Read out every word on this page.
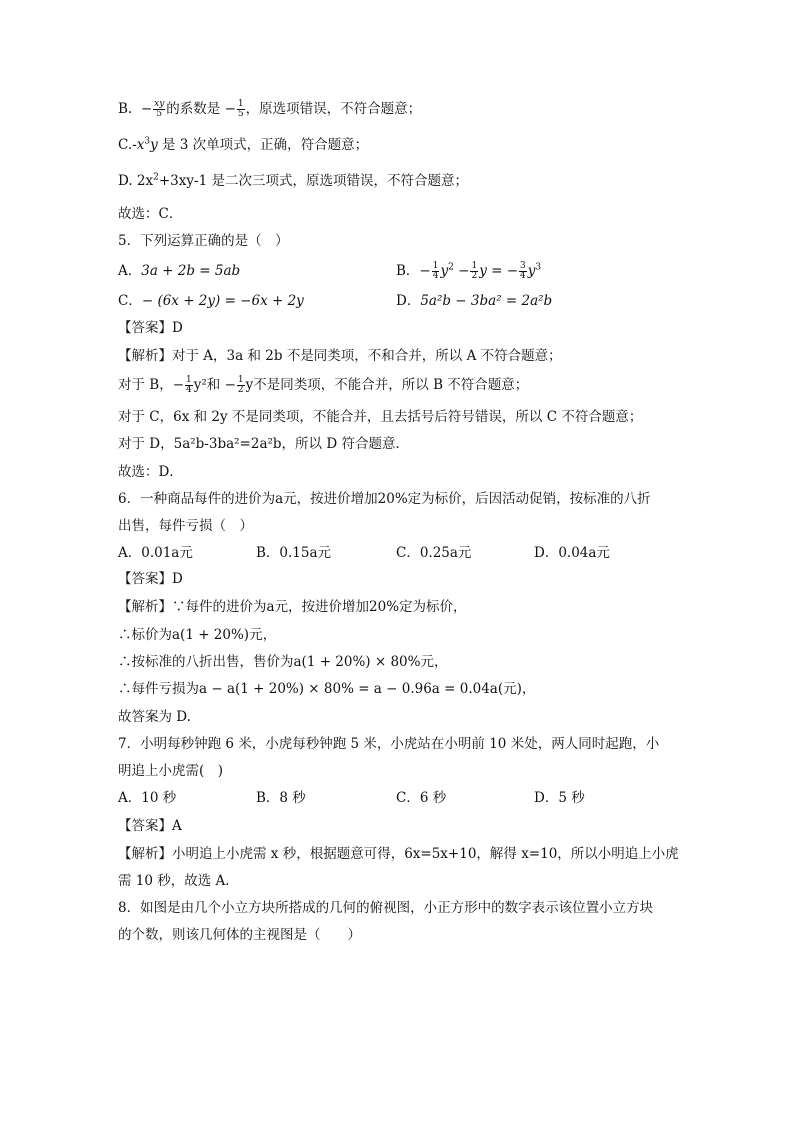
B. − $\frac{xy}{5}$ 的系数是 − $\frac{1}{5}$ ，原选项错误，不符合题意；
$C.-x^3y$ 是 3 次单项式，正确，符合题意；
D. $2x^2+3xy-1$ 是二次三项式，原选项错误，不符合题意；
故选：C．
5．下列运算正确的是（　）
A．3a + 2b = 5ab	B．− $\frac{1}{4} y^2 - \frac{1}{2}$ y = − $\frac{3}{4} y^3$
C．− (6x + 2y) = −6x + 2y	D．5a²b − 3ba² = 2a²b
【答案】D
【解析】对于 A，3a 和 2b 不是同类项，不和合并，所以 A 不符合题意；
对于 B，− $\frac{1}{4} y^2$和 − $\frac{1}{2}$ y不是同类项，不能合并，所以 B 不符合题意；
对于 C，6x 和 2y 不是同类项，不能合并，且去括号后符号错误，所以 C 不符合题意；
对于 D，5a²b-3ba²=2a²b，所以 D 符合题意．
故选：D．
6．一种商品每件的进价为a元，按进价增加20%定为标价，后因活动促销，按标准的八折
出售，每件亏损（　）
A．0.01a元	B．0.15a元	C．0.25a元	D．0.04a元
【答案】D
【解析】∵每件的进价为a元，按进价增加20%定为标价，
∴标价为a(1 + 20%)元，
∴按标准的八折出售，售价为a(1 + 20%) × 80%元，
∴每件亏损为a − a(1 + 20%) × 80% = a − 0.96a = 0.04a(元)，
故答案为 D.
7．小明每秒钟跑 6 米，小虎每秒钟跑 5 米，小虎站在小明前 10 米处，两人同时起跑，小
明追上小虎需(　)
A．10 秒	B．8 秒	C．6 秒	D．5 秒
【答案】A
【解析】小明追上小虎需 x 秒，根据题意可得，6x=5x+10，解得 x=10，所以小明追上小虎
需 10 秒，故选 A.
8．如图是由几个小立方块所搭成的几何的俯视图，小正方形中的数字表示该位置小立方块
的个数，则该几何体的主视图是（　　）
